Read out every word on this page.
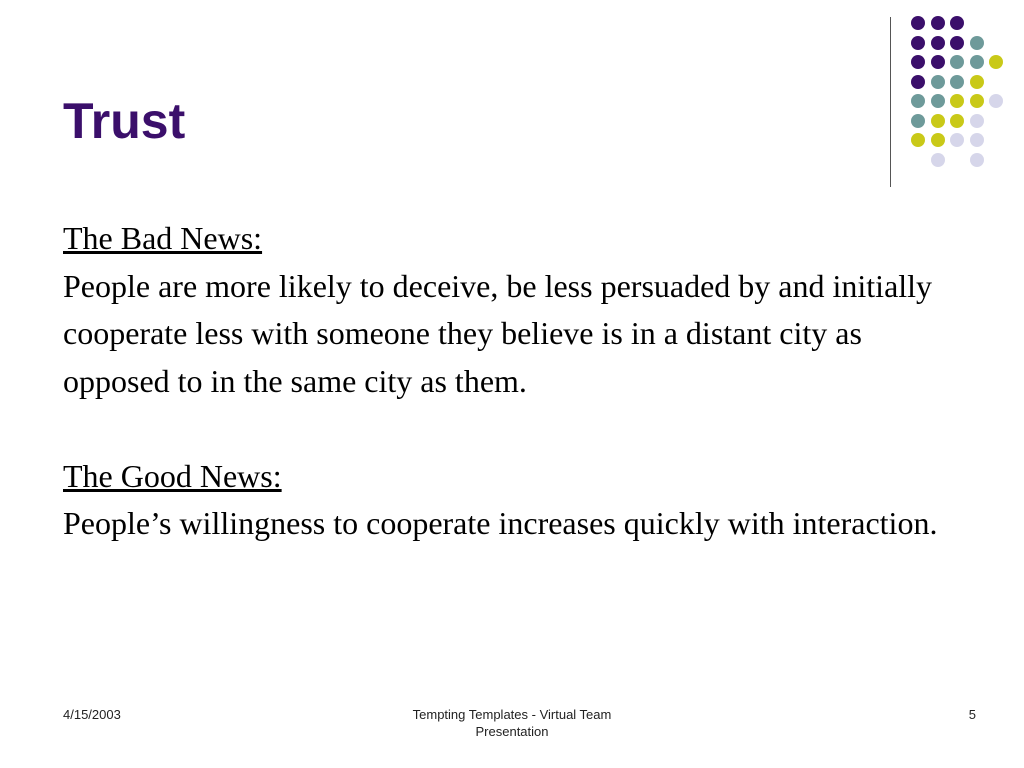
Trust

The Bad News:

People are more likely to deceive, be less persuaded by and initially cooperate less with someone they believe is in a distant city as opposed to in the same city as them.

The Good News:

People’s willingness to cooperate increases quickly with interaction.

4/15/2003	Tempting Templates - Virtual Team
Presentation
5
